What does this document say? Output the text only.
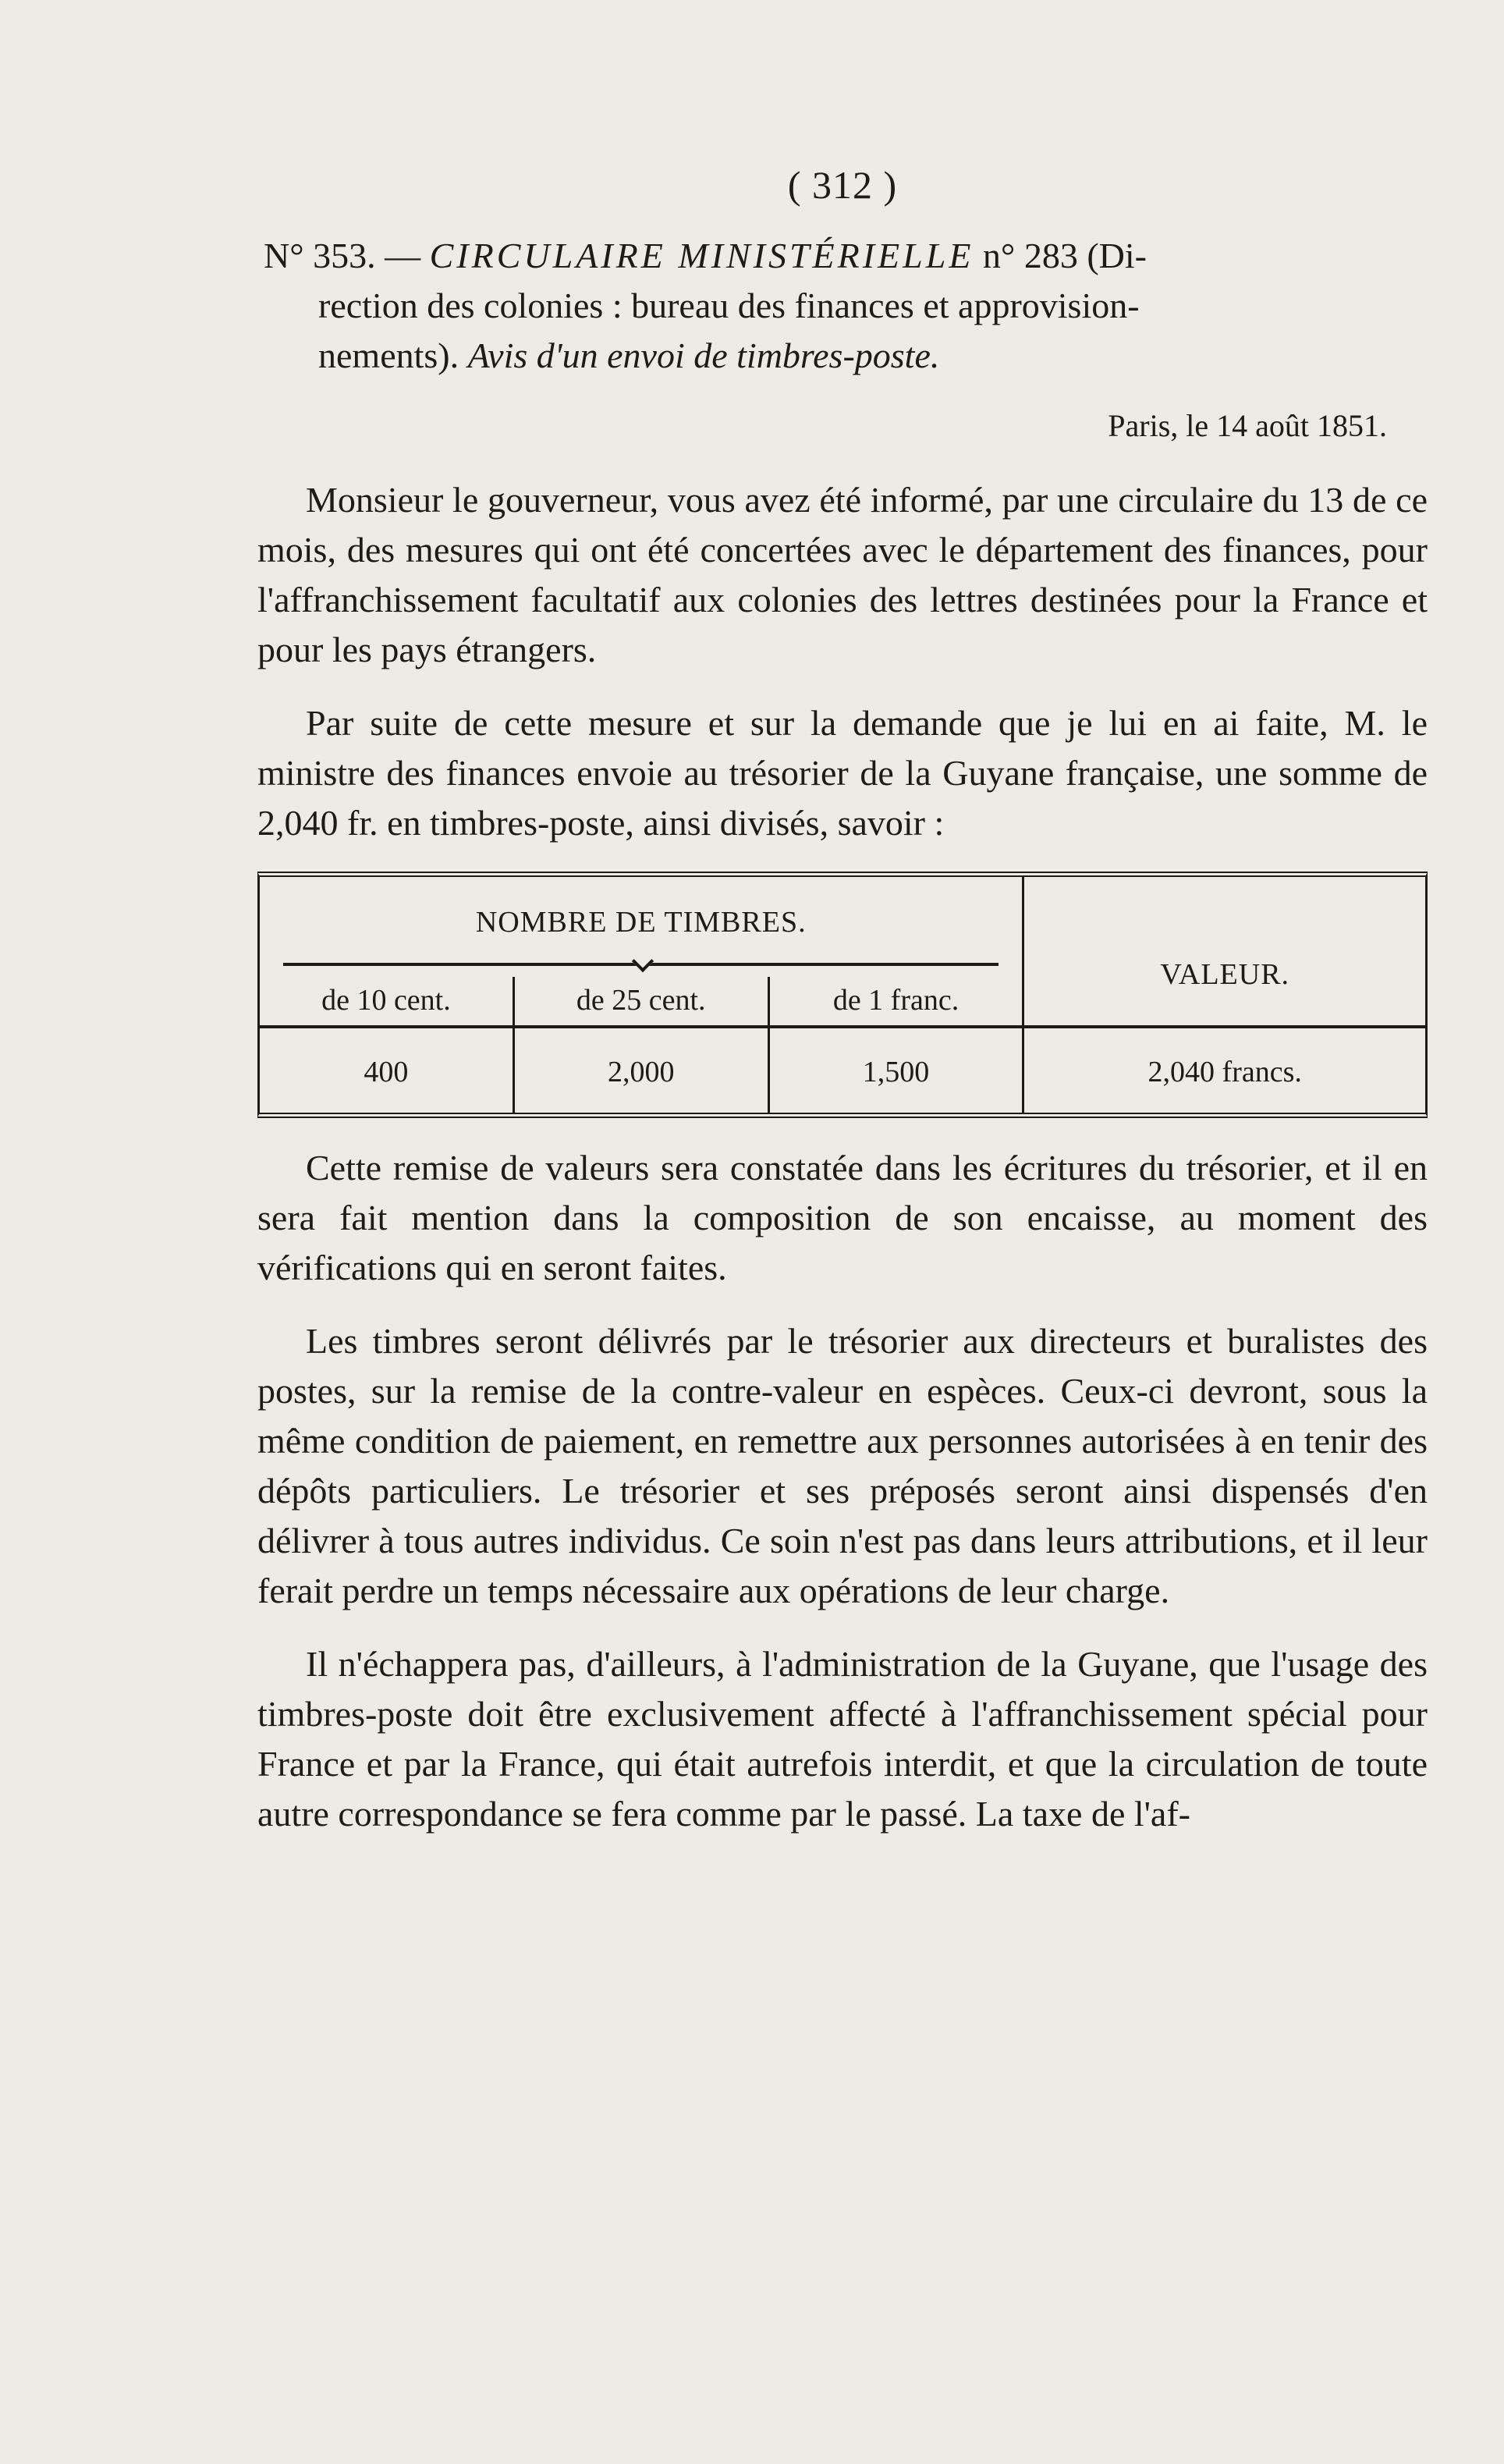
( 312 )
N° 353. — CIRCULAIRE MINISTÉRIELLE n° 283 (Di-
rection des colonies : bureau des finances et approvision-
nements). Avis d'un envoi de timbres-poste.
Paris, le 14 août 1851.

Monsieur le gouverneur, vous avez été informé, par une circulaire du 13 de ce mois, des mesures qui ont été concertées avec le département des finances, pour l'affranchissement facultatif aux colonies des lettres destinées pour la France et pour les pays étrangers.

Par suite de cette mesure et sur la demande que je lui en ai faite, M. le ministre des finances envoie au trésorier de la Guyane française, une somme de 2,040 fr. en timbres-poste, ainsi divisés, savoir :

NOMBRE DE TIMBRES.
VALEUR.
de 10 cent.	de 25 cent.	de 1 franc.
400	2,000	1,500	2,040 francs.

Cette remise de valeurs sera constatée dans les écritures du trésorier, et il en sera fait mention dans la composition de son encaisse, au moment des vérifications qui en seront faites.

Les timbres seront délivrés par le trésorier aux directeurs et buralistes des postes, sur la remise de la contre-valeur en espèces. Ceux-ci devront, sous la même condition de paiement, en remettre aux personnes autorisées à en tenir des dépôts particuliers. Le trésorier et ses préposés seront ainsi dispensés d'en délivrer à tous autres individus. Ce soin n'est pas dans leurs attributions, et il leur ferait perdre un temps nécessaire aux opérations de leur charge.

Il n'échappera pas, d'ailleurs, à l'administration de la Guyane, que l'usage des timbres-poste doit être exclusivement affecté à l'affranchissement spécial pour France et par la France, qui était autrefois interdit, et que la circulation de toute autre correspondance se fera comme par le passé. La taxe de l'af-
